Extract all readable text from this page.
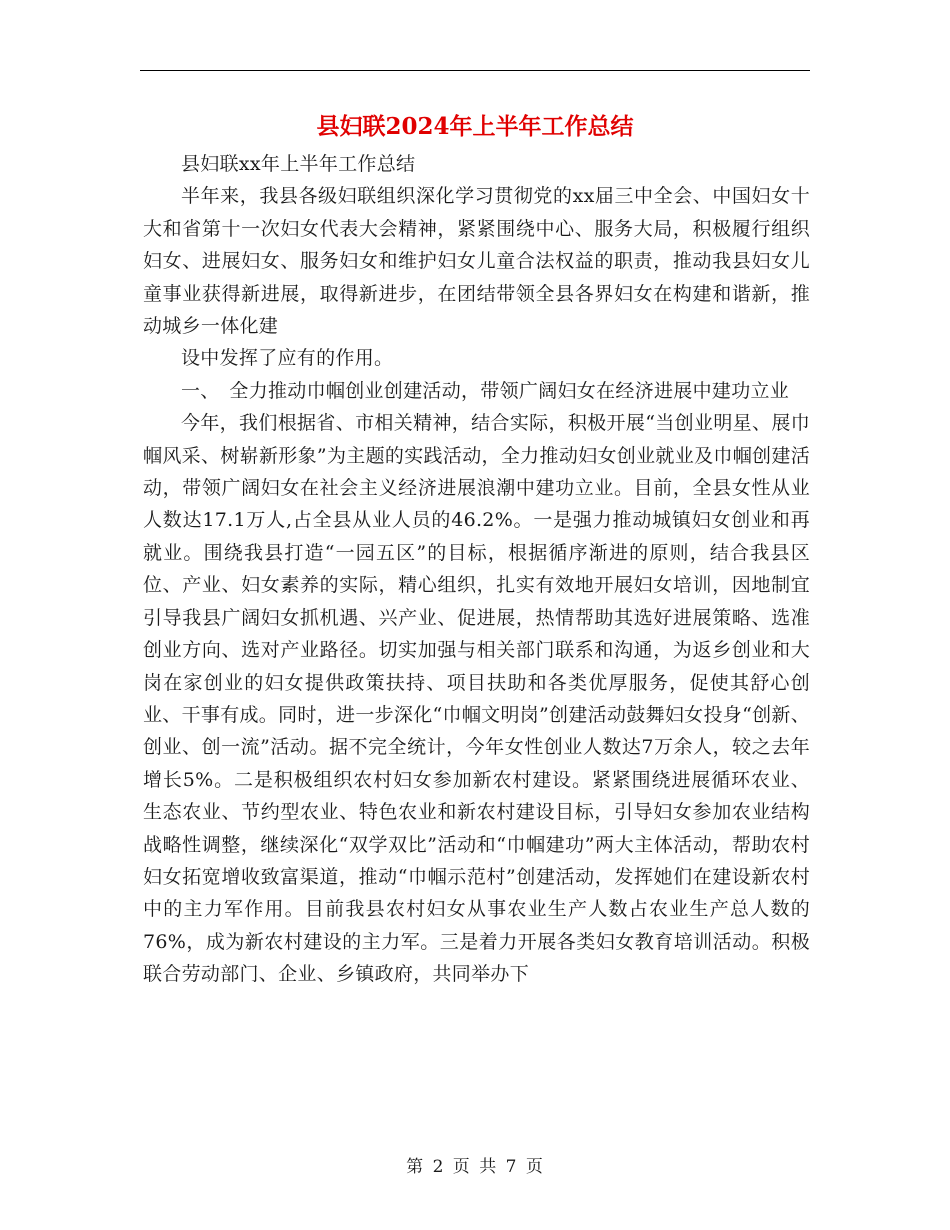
县妇联2024年上半年工作总结

县妇联xx年上半年工作总结

半年来，我县各级妇联组织深化学习贯彻党的xx届三中全会、中国妇女十大和省第十一次妇女代表大会精神，紧紧围绕中心、服务大局，积极履行组织妇女、进展妇女、服务妇女和维护妇女儿童合法权益的职责，推动我县妇女儿童事业获得新进展，取得新进步，在团结带领全县各界妇女在构建和谐新，推动城乡一体化建

设中发挥了应有的作用。

一、　全力推动巾帼创业创建活动，带领广阔妇女在经济进展中建功立业

今年，我们根据省、市相关精神，结合实际，积极开展“当创业明星、展巾帼风采、树崭新形象”为主题的实践活动，全力推动妇女创业就业及巾帼创建活动，带领广阔妇女在社会主义经济进展浪潮中建功立业。目前，全县女性从业人数达17.1万人,占全县从业人员的46.2%。一是强力推动城镇妇女创业和再就业。围绕我县打造“一园五区”的目标，根据循序渐进的原则，结合我县区位、产业、妇女素养的实际，精心组织，扎实有效地开展妇女培训，因地制宜引导我县广阔妇女抓机遇、兴产业、促进展，热情帮助其选好进展策略、选准创业方向、选对产业路径。切实加强与相关部门联系和沟通，为返乡创业和大岗在家创业的妇女提供政策扶持、项目扶助和各类优厚服务，促使其舒心创业、干事有成。同时，进一步深化“巾帼文明岗”创建活动鼓舞妇女投身“创新、创业、创一流”活动。据不完全统计，今年女性创业人数达7万余人，较之去年增长5%。二是积极组织农村妇女参加新农村建设。紧紧围绕进展循环农业、生态农业、节约型农业、特色农业和新农村建设目标，引导妇女参加农业结构战略性调整，继续深化“双学双比”活动和“巾帼建功”两大主体活动，帮助农村妇女拓宽增收致富渠道，推动“巾帼示范村”创建活动，发挥她们在建设新农村中的主力军作用。目前我县农村妇女从事农业生产人数占农业生产总人数的76%，成为新农村建设的主力军。三是着力开展各类妇女教育培训活动。积极联合劳动部门、企业、乡镇政府，共同举办下

第 2 页 共 7 页
